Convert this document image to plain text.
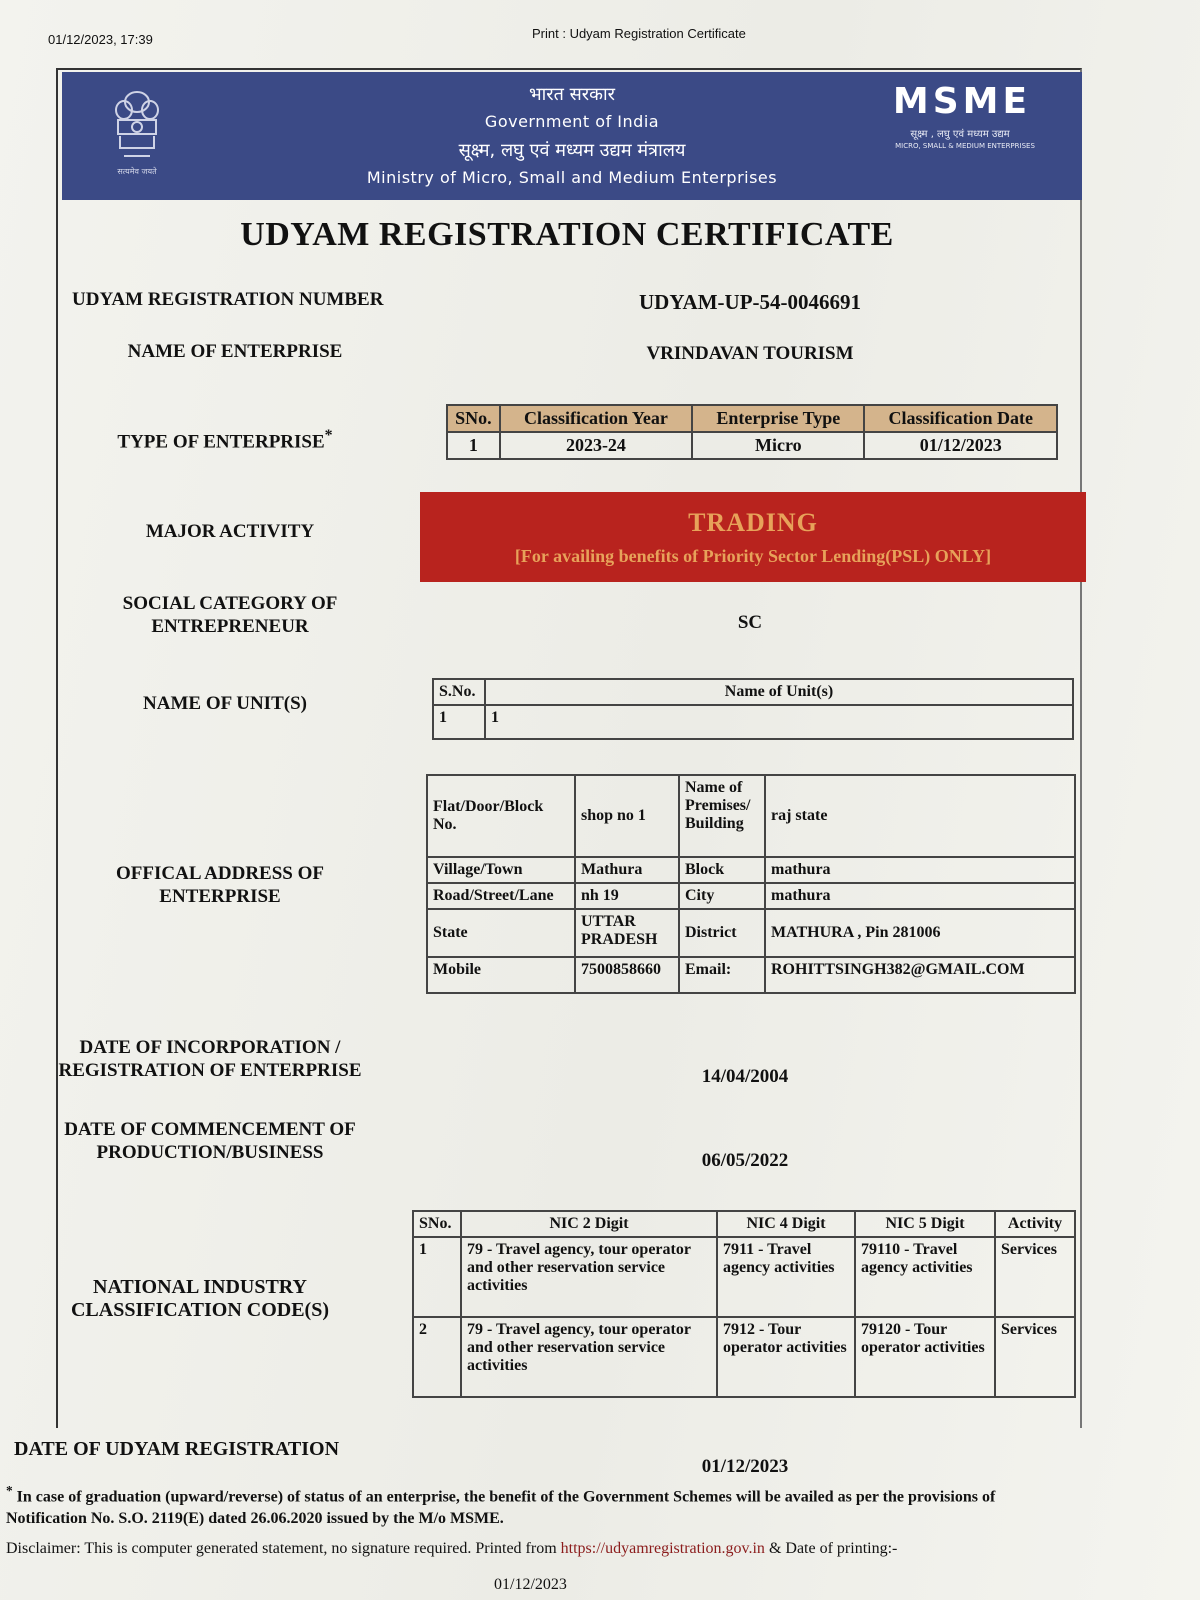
01/12/2023, 17:39	Print : Udyam Registration Certificate
सत्यमेव जयते
भारत सरकार
Government of India
सूक्ष्म, लघु एवं मध्यम उद्यम मंत्रालय
Ministry of Micro, Small and Medium Enterprises
MSME
सूक्ष्म , लघु एवं मध्यम उद्यम
MICRO, SMALL & MEDIUM ENTERPRISES
UDYAM REGISTRATION CERTIFICATE
UDYAM REGISTRATION NUMBER	UDYAM-UP-54-0046691
NAME OF ENTERPRISE	VRINDAVAN TOURISM
TYPE OF ENTERPRISE*
SNo.	Classification Year	Enterprise Type	Classification Date
1	2023-24	Micro	01/12/2023
MAJOR ACTIVITY	TRADING
[For availing benefits of Priority Sector Lending(PSL) ONLY]
SOCIAL CATEGORY OF
ENTREPRENEUR	SC
NAME OF UNIT(S)
S.No.	Name of Unit(s)
1	1
OFFICAL ADDRESS OF
ENTERPRISE
Flat/Door/Block No.	shop no 1	Name of Premises/ Building	raj state
Village/Town	Mathura	Block	mathura
Road/Street/Lane	nh 19	City	mathura
State	UTTAR PRADESH	District	MATHURA , Pin 281006
Mobile	7500858660	Email:	ROHITTSINGH382@GMAIL.COM
DATE OF INCORPORATION /
REGISTRATION OF ENTERPRISE	14/04/2004
DATE OF COMMENCEMENT OF
PRODUCTION/BUSINESS	06/05/2022
NATIONAL INDUSTRY
CLASSIFICATION CODE(S)
SNo.	NIC 2 Digit	NIC 4 Digit	NIC 5 Digit	Activity
1	79 - Travel agency, tour operator and other reservation service activities	7911 - Travel agency activities	79110 - Travel agency activities	Services
2	79 - Travel agency, tour operator and other reservation service activities	7912 - Tour operator activities	79120 - Tour operator activities	Services
DATE OF UDYAM REGISTRATION
01/12/2023
* In case of graduation (upward/reverse) of status of an enterprise, the benefit of the Government Schemes will be availed as per the provisions of Notification No. S.O. 2119(E) dated 26.06.2020 issued by the M/o MSME.
Disclaimer: This is computer generated statement, no signature required. Printed from https://udyamregistration.gov.in & Date of printing:-
01/12/2023
